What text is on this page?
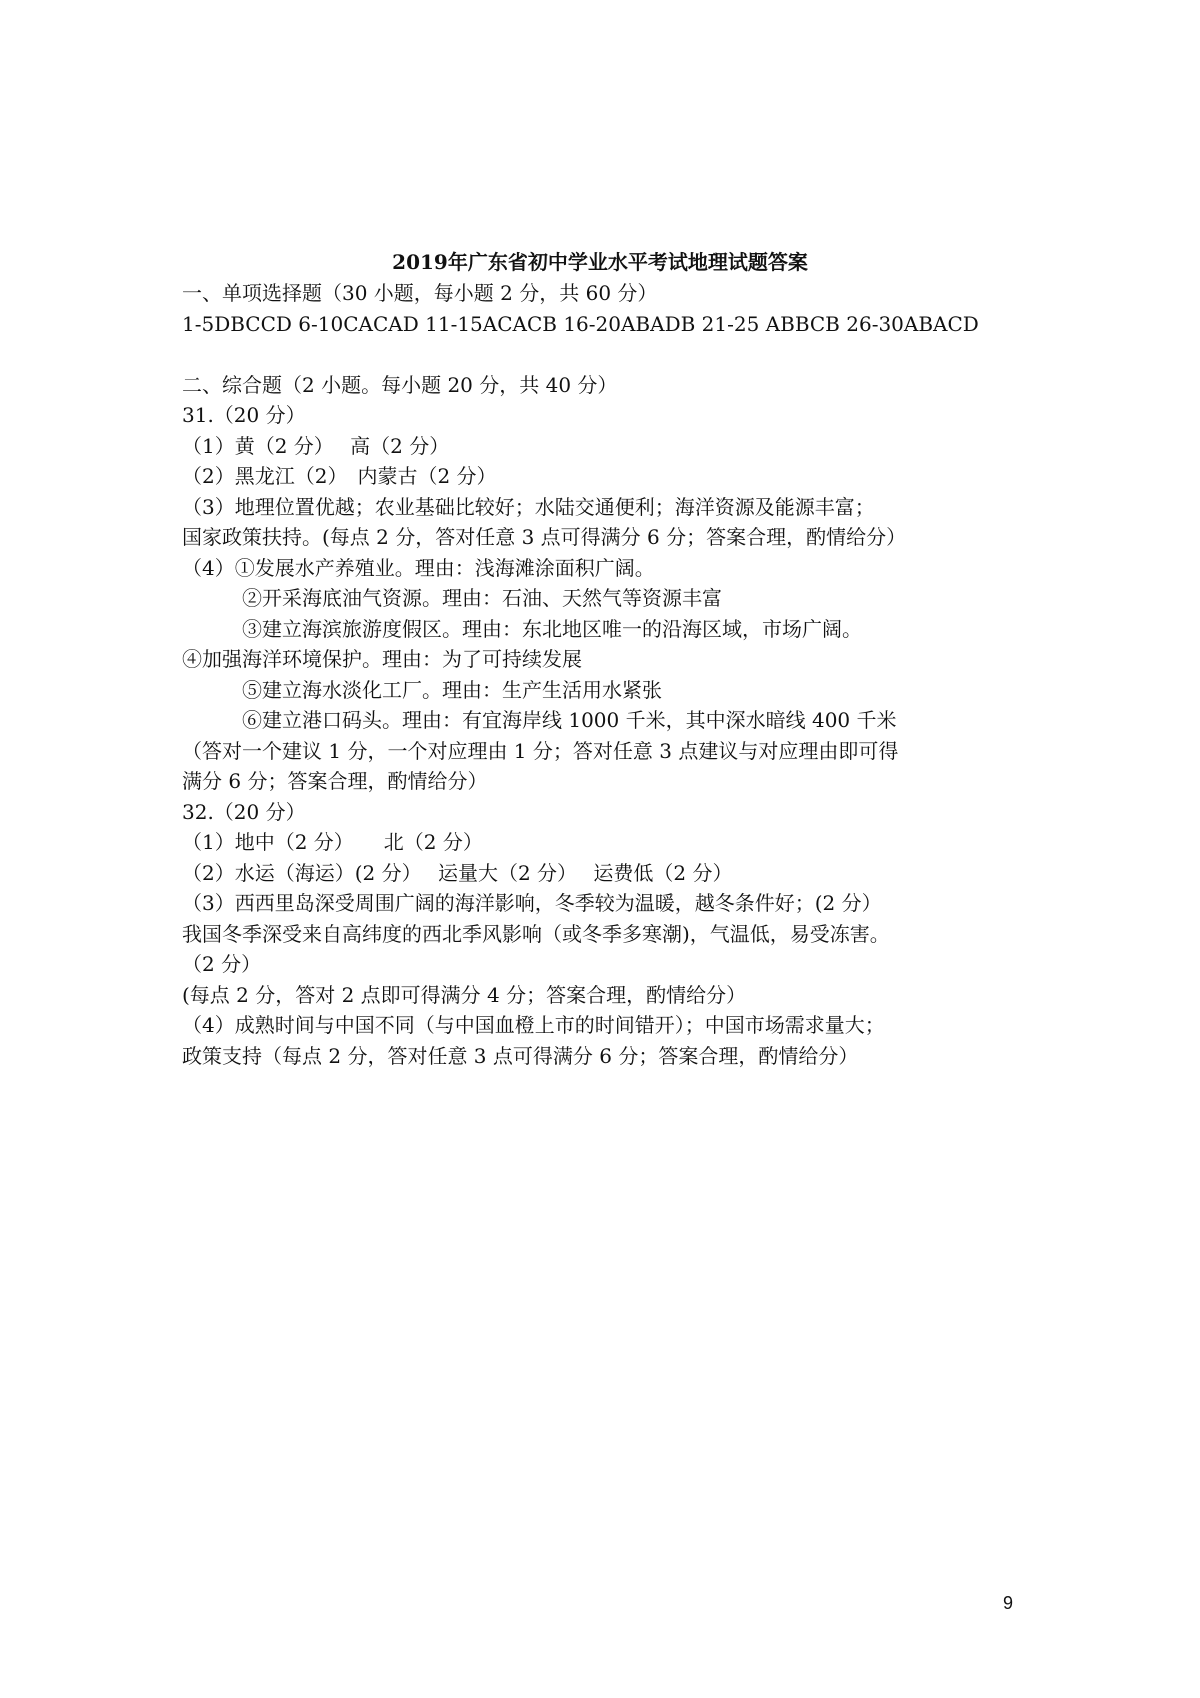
2019年广东省初中学业水平考试地理试题答案

一、单项选择题（30 小题，每小题 2 分，共 60 分）

1-5DBCCD 6-10CACAD 11-15ACACB 16-20ABADB 21-25 ABBCB 26-30ABACD

二、综合题（2 小题。每小题 20 分，共 40 分）

31.（20 分）

（1）黄（2 分）　 高（2 分）

（2）黑龙江（2）　内蒙古（2 分）

（3）地理位置优越；农业基础比较好；水陆交通便利；海洋资源及能源丰富；

国家政策扶持。(每点 2 分，答对任意 3 点可得满分 6 分；答案合理，酌情给分）

（4）①发展水产养殖业。理由：浅海滩涂面积广阔。

②开采海底油气资源。理由：石油、天然气等资源丰富

③建立海滨旅游度假区。理由：东北地区唯一的沿海区域，市场广阔。

④加强海洋环境保护。理由：为了可持续发展

⑤建立海水淡化工厂。理由：生产生活用水紧张

⑥建立港口码头。理由：有宜海岸线 1000 千米，其中深水暗线 400 千米

（答对一个建议 1 分，一个对应理由 1 分；答对任意 3 点建议与对应理由即可得

满分 6 分；答案合理，酌情给分）

32.（20 分）

（1）地中（2 分）　　北（2 分）

（2）水运（海运）(2 分）　 运量大（2 分）　 运费低（2 分）

（3）西西里岛深受周围广阔的海洋影响，冬季较为温暖，越冬条件好；(2 分）

我国冬季深受来自高纬度的西北季风影响（或冬季多寒潮)，气温低，易受冻害。

（2 分）

(每点 2 分，答对 2 点即可得满分 4 分；答案合理，酌情给分）

（4）成熟时间与中国不同（与中国血橙上市的时间错开）；中国市场需求量大；

政策支持（每点 2 分，答对任意 3 点可得满分 6 分；答案合理，酌情给分）

9
